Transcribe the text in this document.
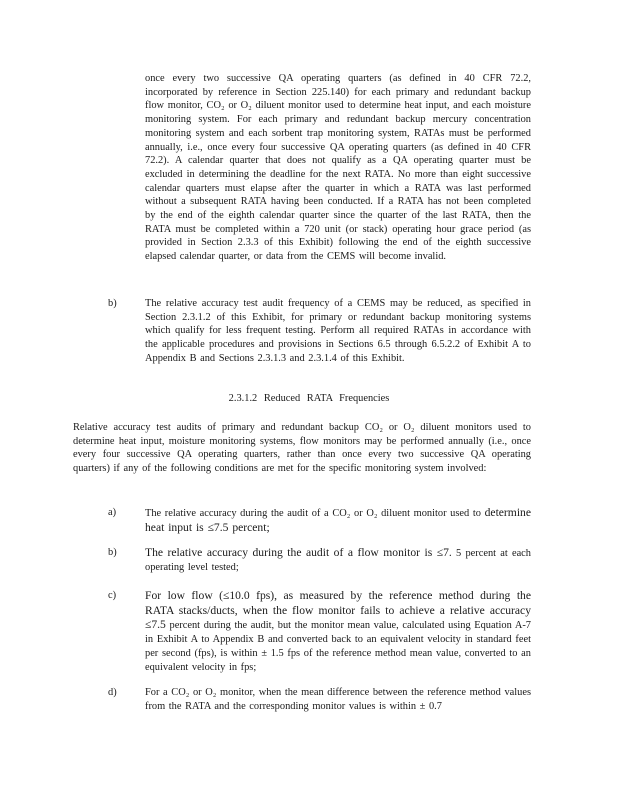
once every two successive QA operating quarters (as defined in 40 CFR 72.2, incorporated by reference in Section 225.140) for each primary and redundant backup flow monitor, CO₂ or O₂ diluent monitor used to determine heat input, and each moisture monitoring system. For each primary and redundant backup mercury concentration monitoring system and each sorbent trap monitoring system, RATAs must be performed annually, i.e., once every four successive QA operating quarters (as defined in 40 CFR 72.2). A calendar quarter that does not qualify as a QA operating quarter must be excluded in determining the deadline for the next RATA. No more than eight successive calendar quarters must elapse after the quarter in which a RATA was last performed without a subsequent RATA having been conducted. If a RATA has not been completed by the end of the eighth calendar quarter since the quarter of the last RATA, then the RATA must be completed within a 720 unit (or stack) operating hour grace period (as provided in Section 2.3.3 of this Exhibit) following the end of the eighth successive elapsed calendar quarter, or data from the CEMS will become invalid.
b)	The relative accuracy test audit frequency of a CEMS may be reduced, as specified in Section 2.3.1.2 of this Exhibit, for primary or redundant backup monitoring systems which qualify for less frequent testing. Perform all required RATAs in accordance with the applicable procedures and provisions in Sections 6.5 through 6.5.2.2 of Exhibit A to Appendix B and Sections 2.3.1.3 and 2.3.1.4 of this Exhibit.
2.3.1.2 Reduced RATA Frequencies
Relative accuracy test audits of primary and redundant backup CO₂ or O₂ diluent monitors used to determine heat input, moisture monitoring systems, flow monitors may be performed annually (i.e., once every four successive QA operating quarters, rather than once every two successive QA operating quarters) if any of the following conditions are met for the specific monitoring system involved:
a)	The relative accuracy during the audit of a CO₂ or O₂ diluent monitor used to determine heat input is ≤7.5 percent;
b) The relative accuracy during the audit of a flow monitor is ≤7. 5 percent at each operating level tested;
c) For low flow (≤10.0 fps), as measured by the reference method during the RATA stacks/ducts, when the flow monitor fails to achieve a relative accuracy ≤7.5 percent during the audit, but the monitor mean value, calculated using Equation A-7 in Exhibit A to Appendix B and converted back to an equivalent velocity in standard feet per second (fps), is within ± 1.5 fps of the reference method mean value, converted to an equivalent velocity in fps;
d)	For a CO₂ or O₂ monitor, when the mean difference between the reference method values from the RATA and the corresponding monitor values is within ± 0.7
